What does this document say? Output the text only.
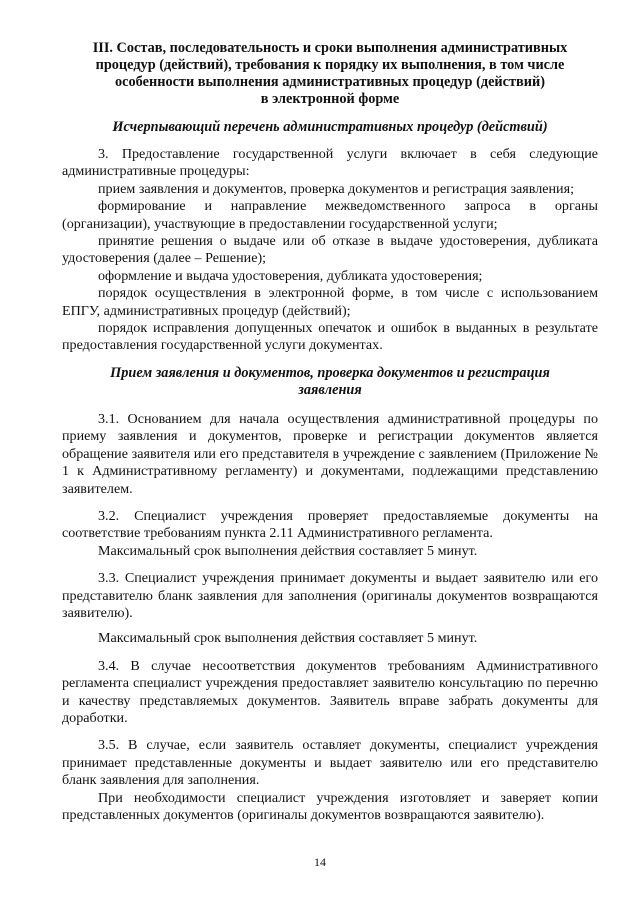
III. Состав, последовательность и сроки выполнения административных
процедур (действий), требования к порядку их выполнения, в том числе
особенности выполнения административных процедур (действий)
в электронной форме
Исчерпывающий перечень административных процедур (действий)

3. Предоставление государственной услуги включает в себя следующие административные процедуры:

прием заявления и документов, проверка документов и регистрация заявления;

формирование и направление межведомственного запроса в органы (организации), участвующие в предоставлении государственной услуги;

принятие решения о выдаче или об отказе в выдаче удостоверения, дубликата удостоверения (далее – Решение);

оформление и выдача удостоверения, дубликата удостоверения;

порядок осуществления в электронной форме, в том числе с использованием ЕПГУ, административных процедур (действий);

порядок исправления допущенных опечаток и ошибок в выданных в результате предоставления государственной услуги документах.

Прием заявления и документов, проверка документов и регистрация
заявления

3.1. Основанием для начала осуществления административной процедуры по приему заявления и документов, проверке и регистрации документов является обращение заявителя или его представителя в учреждение с заявлением (Приложение № 1 к Административному регламенту) и документами, подлежащими представлению заявителем.

3.2. Специалист учреждения проверяет предоставляемые документы на соответствие требованиям пункта 2.11 Административного регламента.

Максимальный срок выполнения действия составляет 5 минут.

3.3. Специалист учреждения принимает документы и выдает заявителю или его представителю бланк заявления для заполнения (оригиналы документов возвращаются заявителю).

Максимальный срок выполнения действия составляет 5 минут.

3.4. В случае несоответствия документов требованиям Административного регламента специалист учреждения предоставляет заявителю консультацию по перечню и качеству представляемых документов. Заявитель вправе забрать документы для доработки.

3.5. В случае, если заявитель оставляет документы, специалист учреждения принимает представленные документы и выдает заявителю или его представителю бланк заявления для заполнения.

При необходимости специалист учреждения изготовляет и заверяет копии представленных документов (оригиналы документов возвращаются заявителю).

14
